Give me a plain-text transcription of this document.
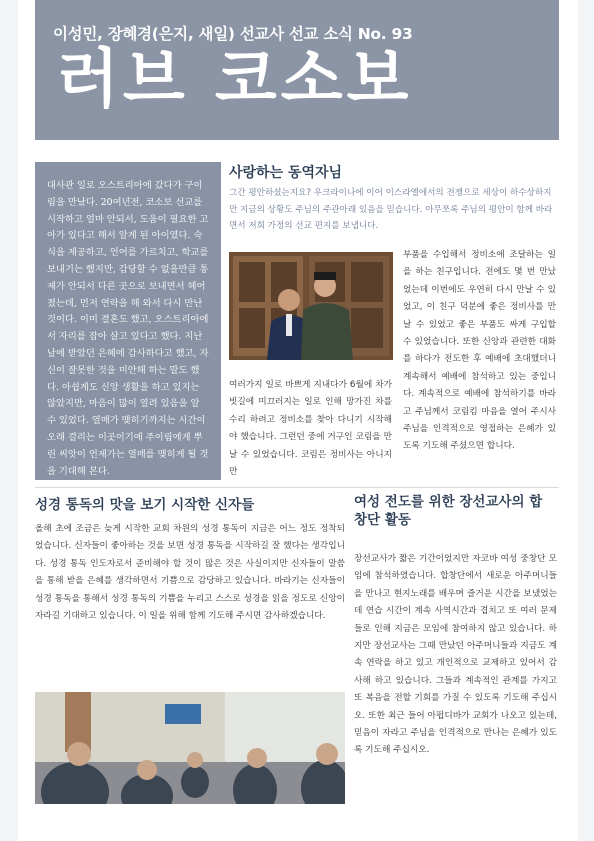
이성민, 장혜경(은지, 새일) 선교사 선교 소식 No. 93
러브 코소보
대사관 일로 오스트리아에 갔다가 구이림을 만났다. 20여년전, 코소보 선교를 시작하고 얼마 안되서, 도움이 필요한 고아가 있다고 해서 알게 된 아이였다. 숙식을 제공하고, 언어를 가르치고, 학교를 보내기는 했지만, 감당할 수 없을만큼 통제가 안되서 다른 곳으로 보내면서 헤어졌는데, 먼저 연락을 해 와서 다시 만난 것이다. 이미 결혼도 했고, 오스트리아에서 자리를 잡아 살고 있다고 했다. 지난 날에 받았던 은혜에 감사하다고 했고, 자신이 잘못한 것을 미안해 하는 말도 했다. 아쉽게도 신앙 생활을 하고 있지는 않았지만, 마음이 많이 열려 있음을 알 수 있었다. 열매가 맺히기까지는 시간이 오래 걸리는 이곳이기에 주이림에게 뿌린 씨앗이 언제가는 열매를 맺히게 될 것을 기대해 본다.
사랑하는 동역자님
그간 평안하셨는지요? 우크라이나에 이어 이스라엘에서의 전쟁으로 세상이 하수상하지만 지금의 상황도 주님의 주관아래 있음을 믿습니다. 아무쪼록 주님의 평안이 함께 바라면서 저희 가정의 선교 편지를 보냅니다.
부품을 수입해서 정비소에 조달하는 일을 하는 친구입니다. 전에도 몇 번 만났었는데 이번에도 우연히 다시 만날 수 있었고, 이 친구 덕분에 좋은 정비사를 만날 수 있었고 좋은 부품도 싸게 구입할 수 있었습니다. 또한 신앙과 관련한 대화를 하다가 전도한 후 예배에 초대했더니 계속해서 예배에 참석하고 있는 중입니다. 계속적으로 예배에 참석하기를 바라고 주님께서 코림킴 마음을 열어 주시사 주님을 인격적으로 영접하는 은혜가 있도록 기도해 주셨으면 합니다.
여러가지 일로 바쁘게 지내다가 6월에 차가 빗길에 미끄러지는 일로 인해 망가진 차를 수리 하려고 정비소를 찾아 다니기 시작해야 했습니다. 그런던 중에 거구인 코림을 만날 수 있었습니다. 코림은 정비사는 아니지만
성경 통독의 맛을 보기 시작한 신자들
올해 초에 조금은 늦게 시작한 교회 차원의 성경 통독이 지금은 어느 정도 정착되었습니다. 신자들이 좋아하는 것을 보면 성경 통독을 시작하길 잘 했다는 생각입니다. 성경 통독 인도자로서 준비해야 할 것이 많은 것은 사실이지만 신자들이 말씀을 통해 받을 은혜를 생각하면서 기쁨으로 감당하고 있습니다. 바라기는 신자들이 성경 통독을 통해서 성경 통독의 기쁨을 누리고 스스로 성경을 읽을 정도로 신앙이 자라길 기대하고 있습니다. 이 일을 위해 함께 기도해 주시면 감사하겠습니다.
여성 전도를 위한 장선교사의 합창단 활동
장선교사가 짧은 기간이었지만 자코바 여성 중창단 모임에 참석하였습니다. 합창단에서 새로운 아주머니들을 만나고 현지노래를 배우며 즐거운 시간을 보냈었는데 연습 시간이 계속 사역시간과 겹치고 또 여러 문제들로 인해 지금은 모임에 참여하지 않고 있습니다. 하지만 장선교사는 그때 만났던 아주머니들과 지금도 계속 연락을 하고 있고 개인적으로 교제하고 있어서 감사해 하고 있습니다. 그들과 계속적인 관계를 가지고 또 복음을 전할 기회를 가질 수 있도록 기도해 주십시오. 또한 최근 들어 아펍디바가 교회가 나오고 있는데, 믿음이 자라고 주님을 인격적으로 만나는 은혜가 있도록 기도해 주십시오.
